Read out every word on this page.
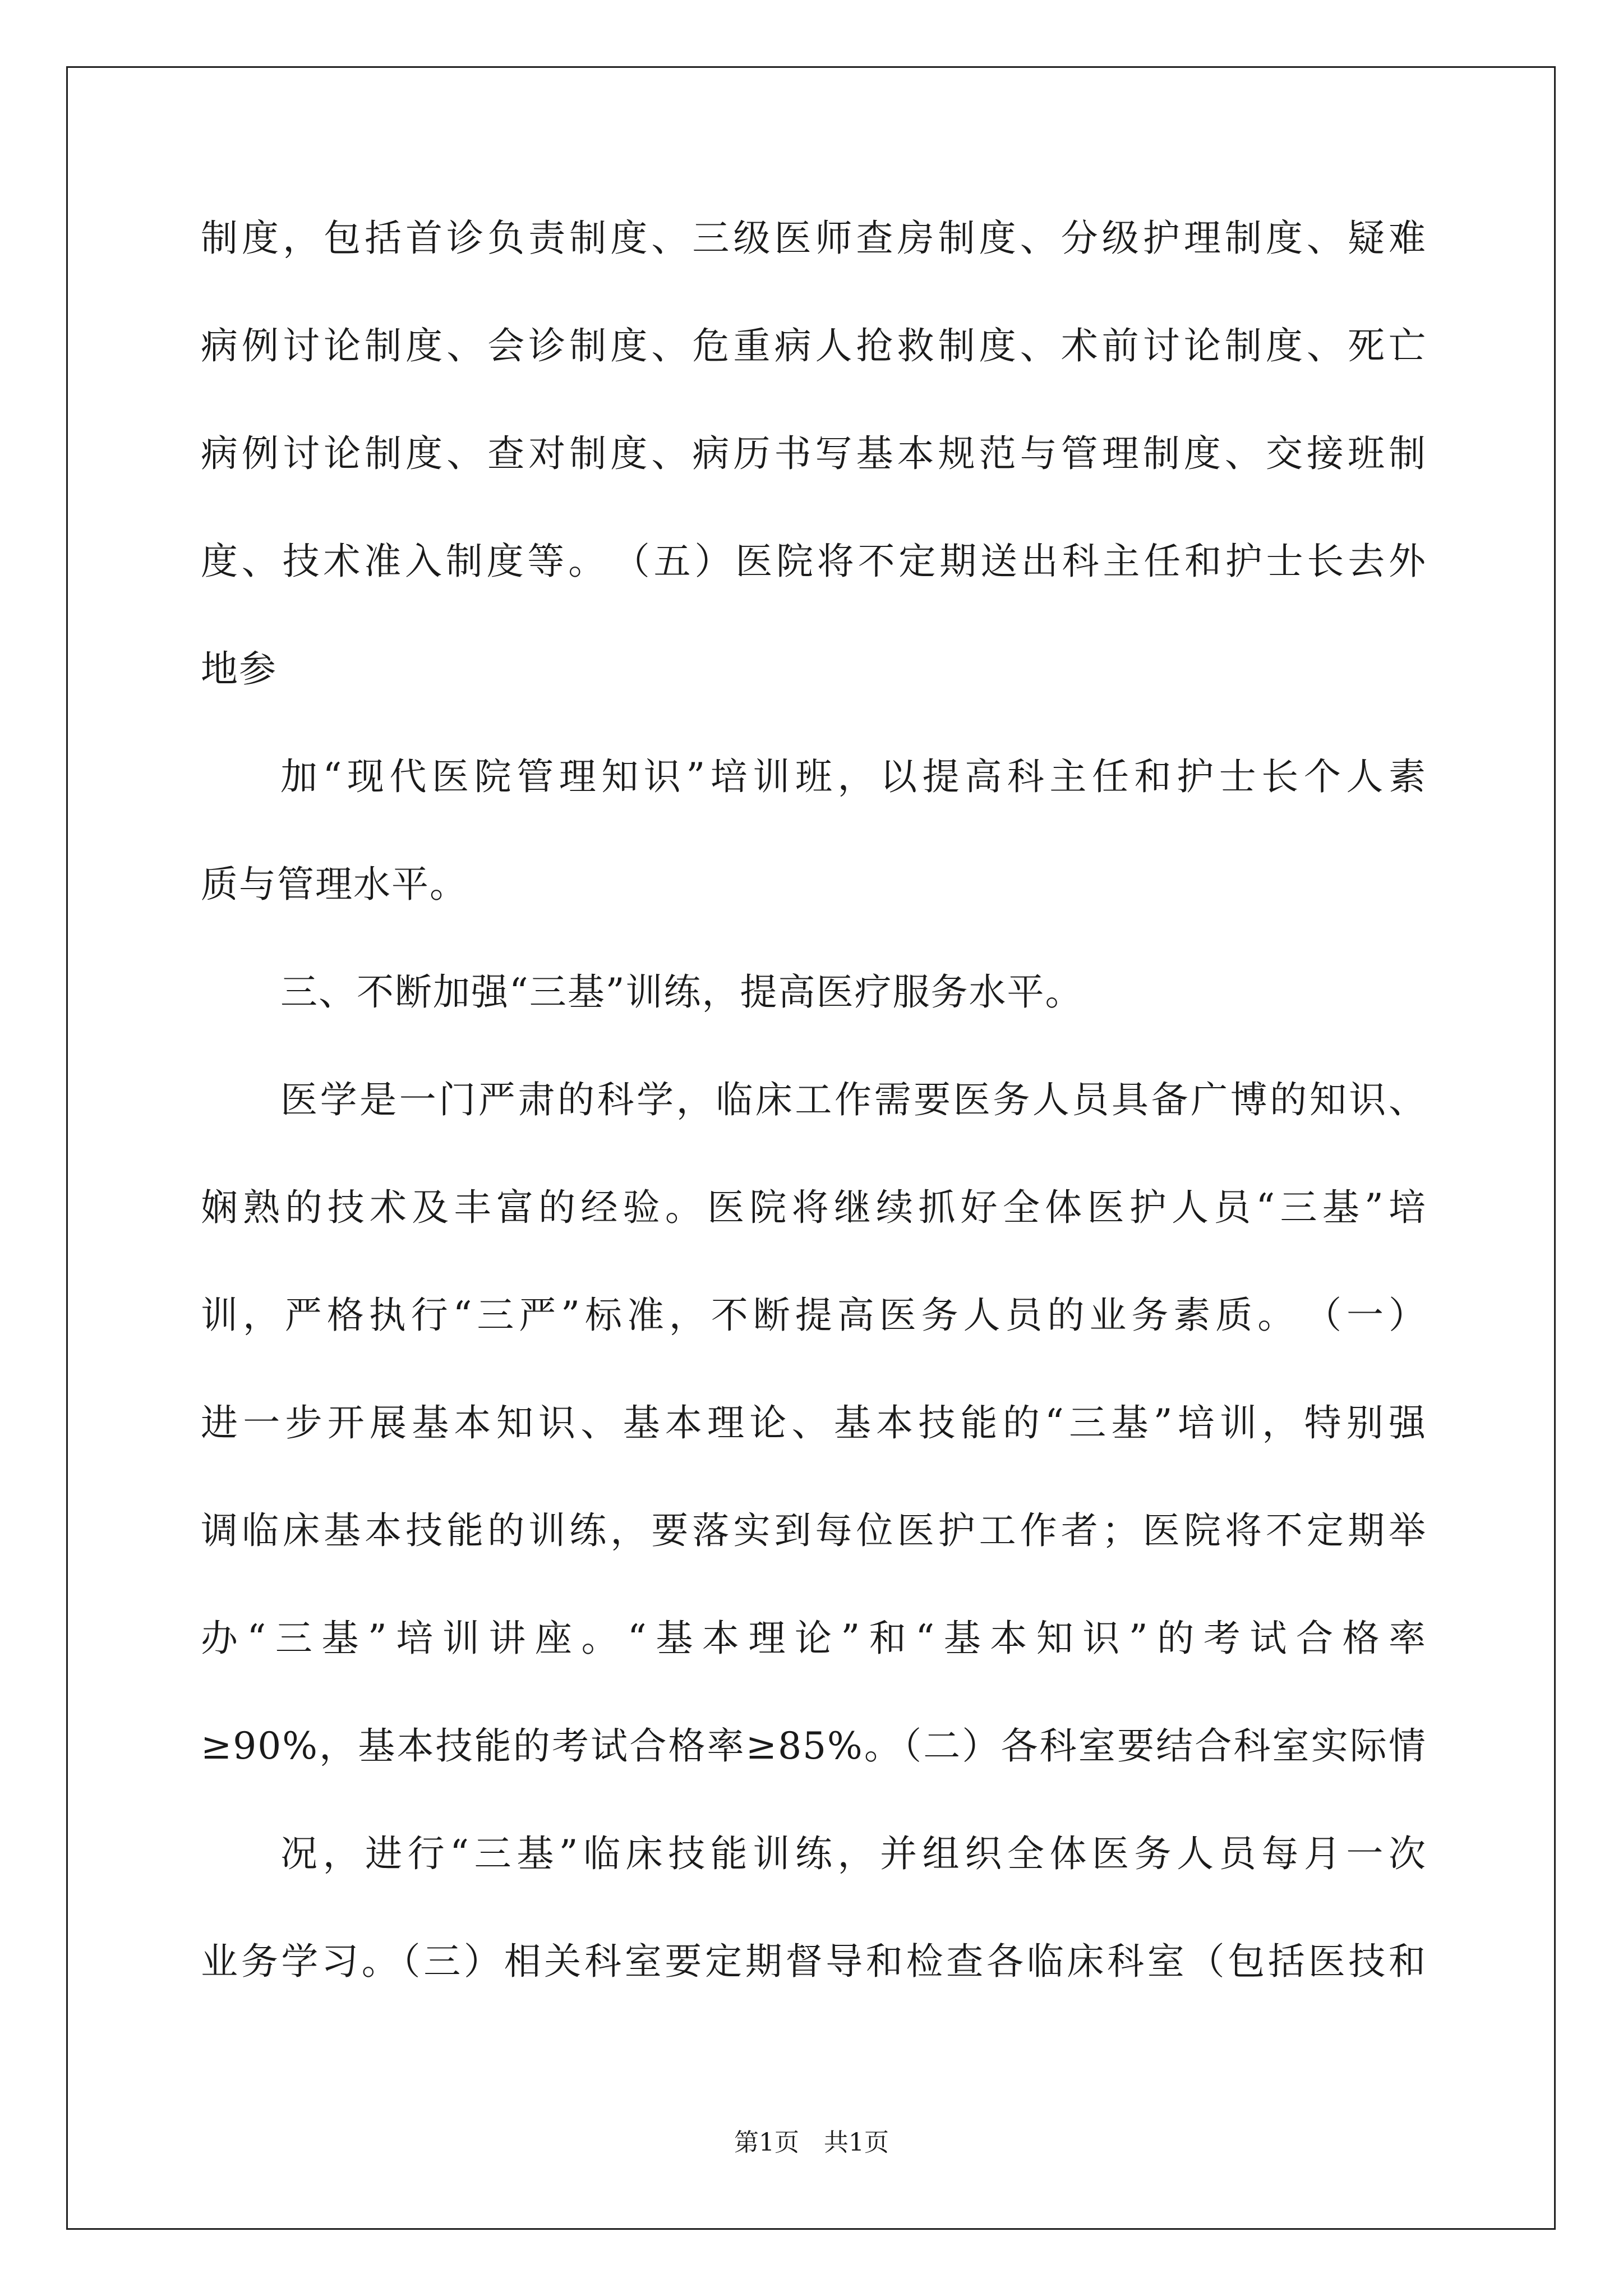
制度，包括首诊负责制度、三级医师查房制度、分级护理制度、疑难
病例讨论制度、会诊制度、危重病人抢救制度、术前讨论制度、死亡
病例讨论制度、查对制度、病历书写基本规范与管理制度、交接班制
度、技术准入制度等。　（五）医院将不定期送出科主任和护士长去外
地参
加“现代医院管理知识”培训班，以提高科主任和护士长个人素
质与管理水平。
三、不断加强“三基”训练，提高医疗服务水平。
医学是一门严肃的科学，临床工作需要医务人员具备广博的知识、
娴熟的技术及丰富的经验。医院将继续抓好全体医护人员“三基”培
训，严格执行“三严”标准，不断提高医务人员的业务素质。　（一）
进一步开展基本知识、基本理论、基本技能的“三基”培训，特别强
调临床基本技能的训练，要落实到每位医护工作者；医院将不定期举
办“三基”培训讲座。“基本理论”和“基本知识”的考试合格率
≥90%，基本技能的考试合格率≥85%。（二）各科室要结合科室实际情
况，进行“三基”临床技能训练，并组织全体医务人员每月一次
业务学习。（三）相关科室要定期督导和检查各临床科室（包括医技和
第1页 共1页
